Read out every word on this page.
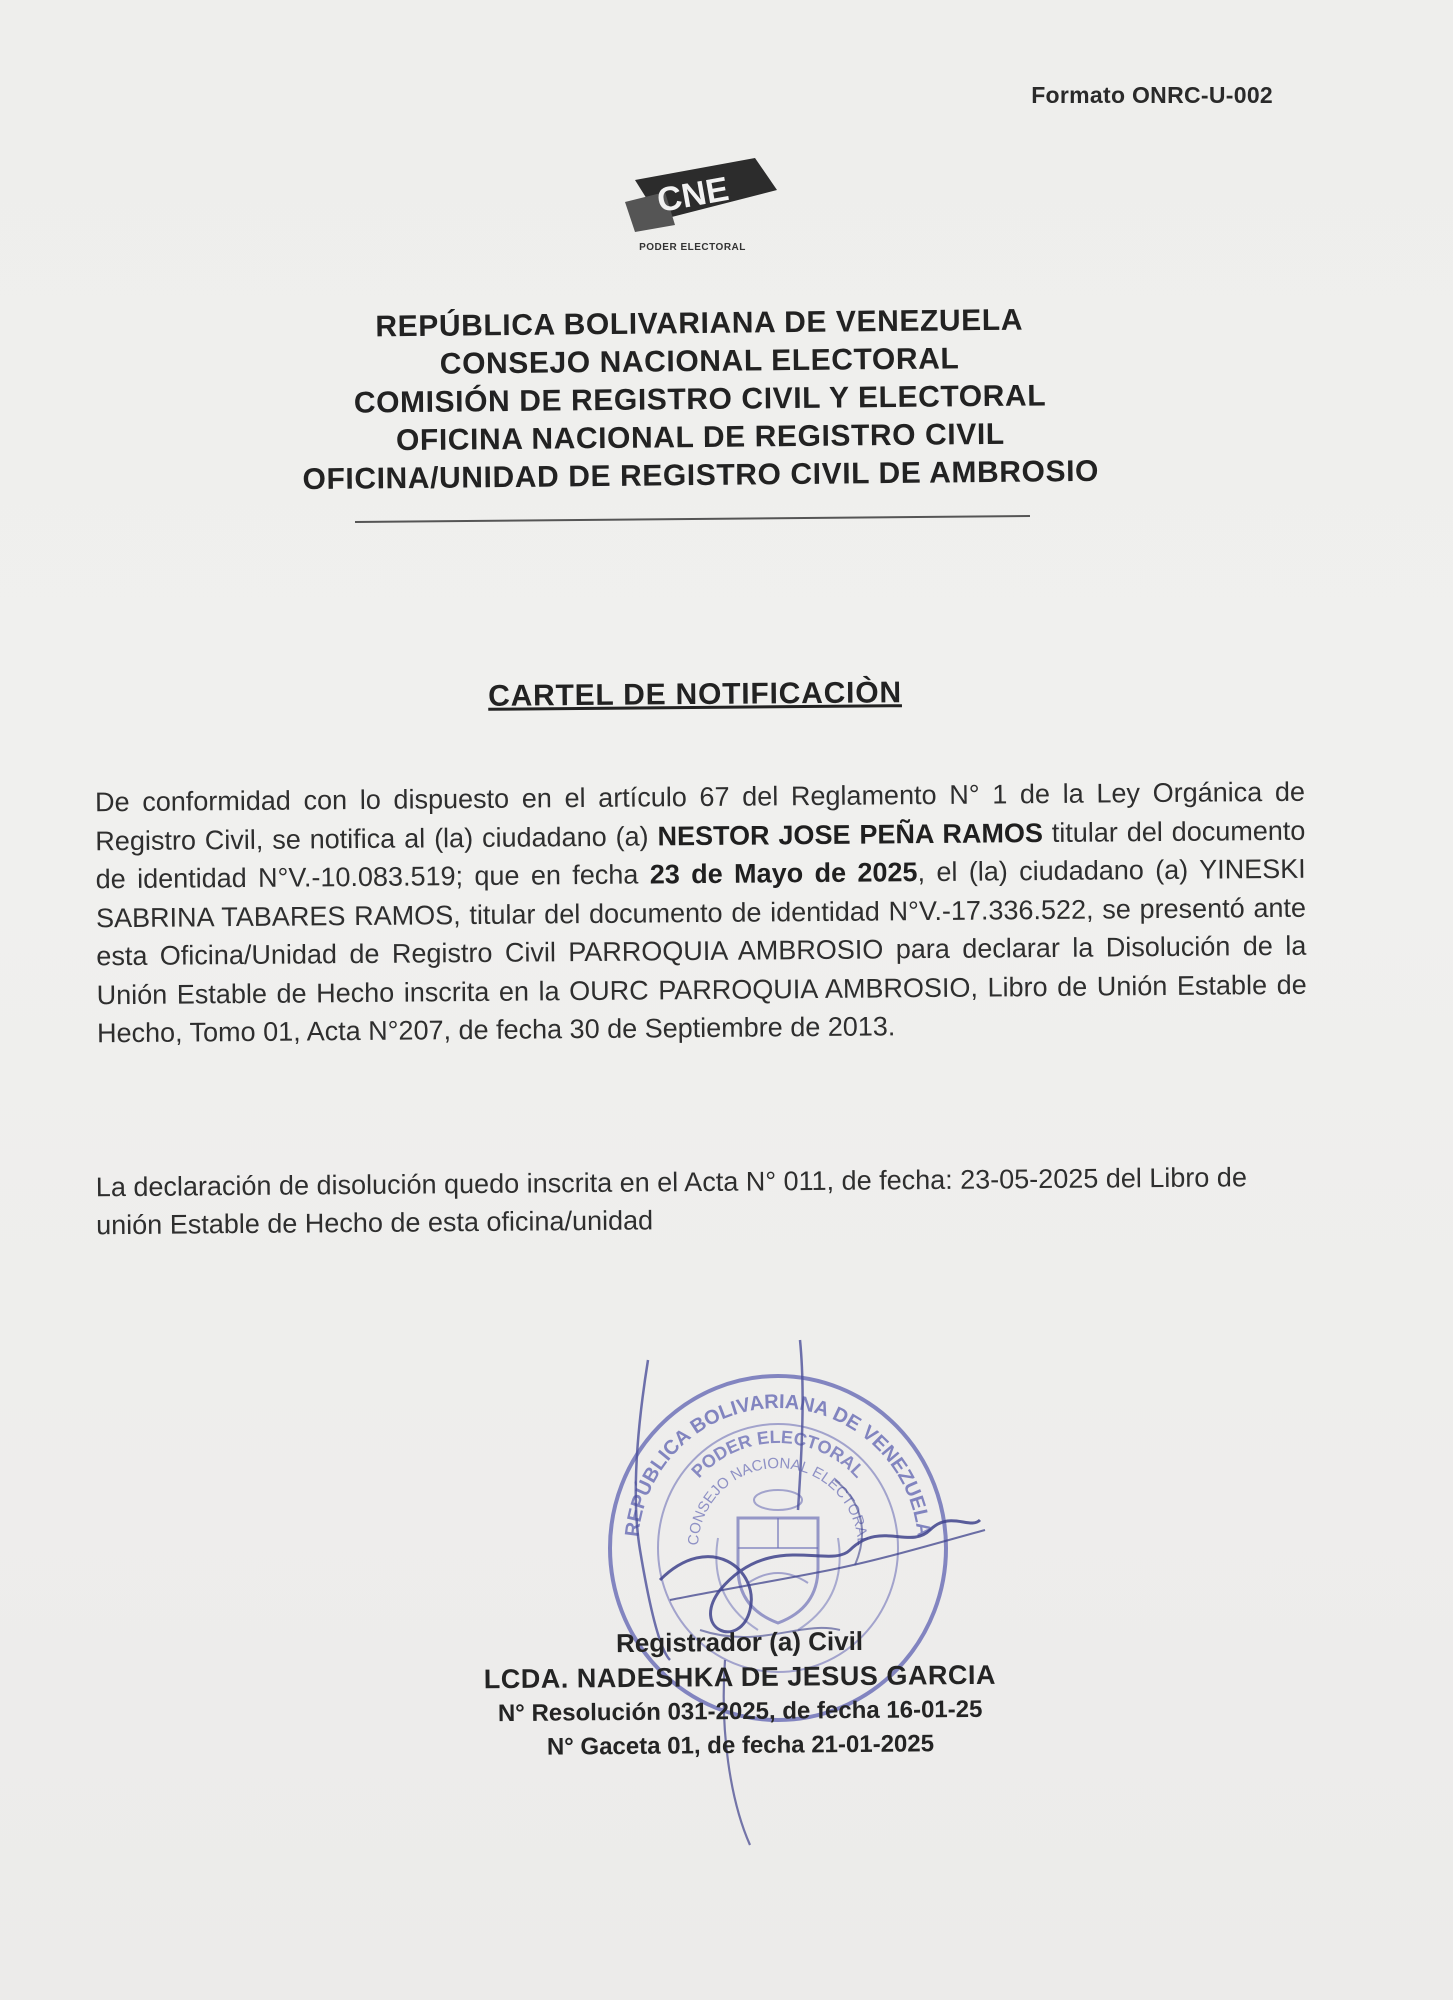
Formato ONRC-U-002
CNE
PODER ELECTORAL
REPÚBLICA BOLIVARIANA DE VENEZUELA
CONSEJO NACIONAL ELECTORAL
COMISIÓN DE REGISTRO CIVIL Y ELECTORAL
OFICINA NACIONAL DE REGISTRO CIVIL
OFICINA/UNIDAD DE REGISTRO CIVIL DE AMBROSIO
CARTEL DE NOTIFICACIÒN
De conformidad con lo dispuesto en el artículo 67 del Reglamento N° 1 de la Ley Orgánica de Registro Civil, se notifica al (la) ciudadano (a) NESTOR JOSE PEÑA RAMOS titular del documento de identidad N°V.-10.083.519; que en fecha 23 de Mayo de 2025, el (la) ciudadano (a) YINESKI SABRINA TABARES RAMOS, titular del documento de identidad N°V.-17.336.522, se presentó ante esta Oficina/Unidad de Registro Civil PARROQUIA AMBROSIO para declarar la Disolución de la Unión Estable de Hecho inscrita en la OURC PARROQUIA AMBROSIO, Libro de Unión Estable de Hecho, Tomo 01, Acta N°207, de fecha 30 de Septiembre de 2013.
La declaración de disolución quedo inscrita en el Acta N° 011, de fecha: 23-05-2025 del Libro de unión Estable de Hecho de esta oficina/unidad
REPÚBLICA BOLIVARIANA DE VENEZUELA
PODER ELECTORAL
CONSEJO NACIONAL ELECTORAL
Registrador (a) Civil
LCDA. NADESHKA DE JESUS GARCIA
N° Resolución 031-2025, de fecha 16-01-25
N° Gaceta 01, de fecha 21-01-2025
